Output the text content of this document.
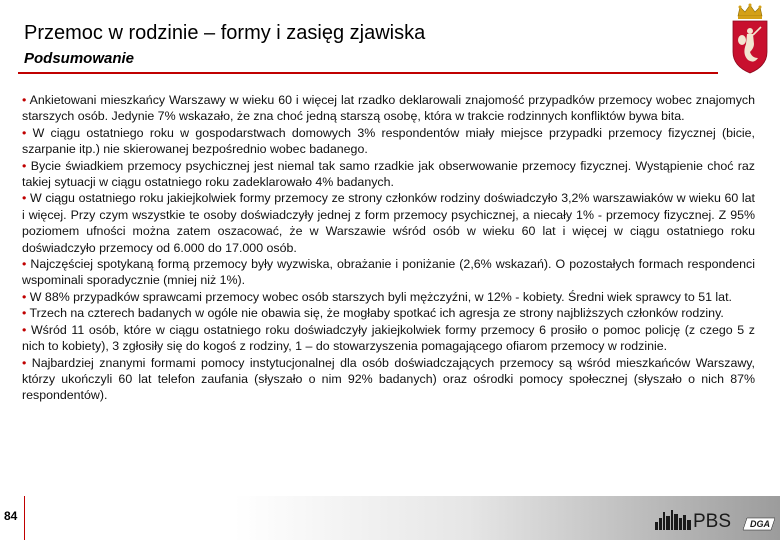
Przemoc w rodzinie – formy i zasięg zjawiska
Podsumowanie

• Ankietowani mieszkańcy Warszawy w wieku 60 i więcej lat rzadko deklarowali znajomość przypadków przemocy wobec znajomych starszych osób. Jedynie 7% wskazało, że zna choć jedną starszą osobę, która w trakcie rodzinnych konfliktów bywa bita.

• W ciągu ostatniego roku w gospodarstwach domowych 3% respondentów miały miejsce przypadki przemocy fizycznej (bicie, szarpanie itp.) nie skierowanej bezpośrednio wobec badanego.

• Bycie świadkiem przemocy psychicznej jest niemal tak samo rzadkie jak obserwowanie przemocy fizycznej. Wystąpienie choć raz takiej sytuacji w ciągu ostatniego roku zadeklarowało 4% badanych.

• W ciągu ostatniego roku jakiejkolwiek formy przemocy ze strony członków rodziny doświadczyło 3,2% warszawiaków w wieku 60 lat i więcej. Przy czym wszystkie te osoby doświadczyły jednej z form przemocy psychicznej, a niecały 1% - przemocy fizycznej. Z 95% poziomem ufności można zatem oszacować, że w Warszawie wśród osób w wieku 60 lat i więcej w ciągu ostatniego roku doświadczyło przemocy od 6.000 do 17.000 osób.

• Najczęściej spotykaną formą przemocy były wyzwiska, obrażanie i poniżanie (2,6% wskazań). O pozostałych formach respondenci wspominali sporadycznie (mniej niż 1%).

• W 88% przypadków sprawcami przemocy wobec osób starszych byli mężczyźni, w 12% - kobiety. Średni wiek sprawcy to 51 lat.

• Trzech na czterech badanych w ogóle nie obawia się, że mogłaby spotkać ich agresja ze strony najbliższych członków rodziny.

• Wśród 11 osób, które w ciągu ostatniego roku doświadczyły jakiejkolwiek formy przemocy 6 prosiło o pomoc policję (z czego 5 z nich to kobiety), 3 zgłosiły się do kogoś z rodziny, 1 – do stowarzyszenia pomagającego ofiarom przemocy w rodzinie.

• Najbardziej znanymi formami pomocy instytucjonalnej dla osób doświadczających przemocy są wśród mieszkańców Warszawy, którzy ukończyli 60 lat telefon zaufania (słyszało o nim 92% badanych) oraz ośrodki pomocy społecznej (słyszało o nich 87% respondentów).

84	PBS DGA
